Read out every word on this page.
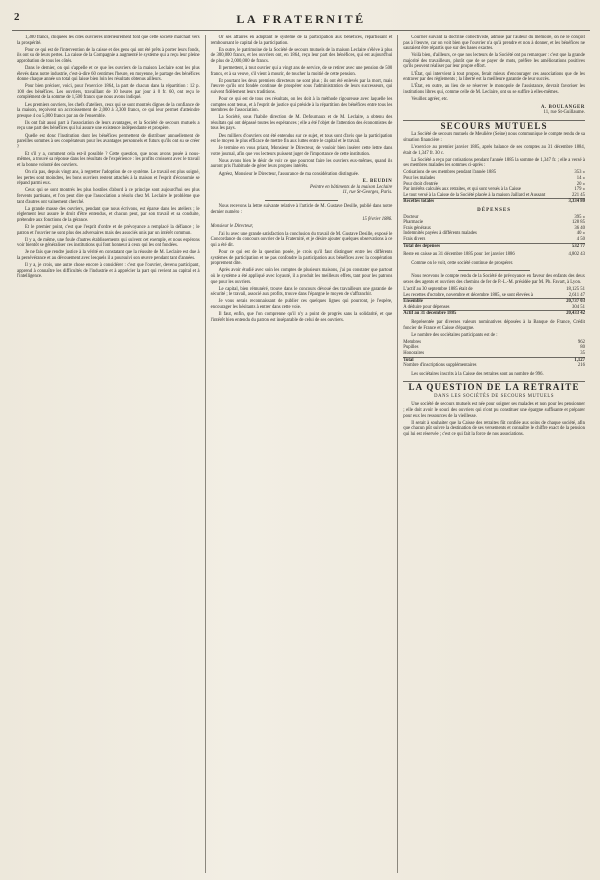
2	LA FRATERNITÉ

1,300 francs, chiquées les cités ouvrières intérieurement font que cette société marchait vers la prospérité.

Pour ce qui est de l'intervention de la caisse et des gens qui ont été prêts à porter leurs fonds, ils ont su de leurs pertes. La caisse de la Compagnie a augmenté le système qui a reçu leur pleine approbation de tous les côtés.

Dans le dernier, on qui s'appelle et ce que les ouvriers de la maison Leclaire sont les plus élevés dans notre industrie, c'est-à-dire 60 centimes l'heure, en moyenne, le partage des bénéfices donne chaque année un total qui laisse bien loin les résultats obtenus ailleurs.

Pour bien préciser, voici, pour l'exercice 1864, la part de chacun dans la répartition : 12 p. 100 des bénéfices. Les ouvriers, travaillant de 10 heures par jour à 0 fr. 60, ont reçu le complément de la somme de 1,500 francs que nous avons indiqué.

Les premiers ouvriers, les chefs d'ateliers, ceux qui se sont montrés dignes de la confiance de la maison, reçoivent un accroissement de 2,000 à 3,300 francs, ce qui leur permet d'atteindre presque 4 ou 5,000 francs par an de l'ensemble.

Ils ont fait aussi part à l'association de leurs avantages, et la Société de secours mutuels a reçu une part des bénéfices qui lui assure une existence indépendante et prospère.

Quelle est donc l'institution dont les bénéfices permettent de distribuer annuellement de pareilles sommes à ses coopérateurs pour les avantages personnels et futurs qu'ils ont su se créer ?

Et s'il y a, comment cela est-il possible ? Cette question, que nous avons posée à nous-mêmes, a trouvé sa réponse dans les résultats de l'expérience : les profits croissent avec le travail et la bonne volonté des ouvriers.

On n'a pas, depuis vingt ans, à regretter l'adoption de ce système. Le travail est plus soigné, les pertes sont moindres, les bons ouvriers restent attachés à la maison et l'esprit d'économie se répand parmi eux.

Ceux qui se sont montrés les plus hostiles d'abord à ce principe sont aujourd'hui ses plus fervents partisans, et l'on peut dire que l'association a résolu chez M. Leclaire le problème que tant d'autres ont vainement cherché.

La grande masse des ouvriers, pendant que nous écrivons, est éparse dans les ateliers ; le règlement leur assure le droit d'être entendus, et chacun peut, par son travail et sa conduite, prétendre aux fonctions de la gérance.

Et le premier point, c'est que l'esprit d'ordre et de prévoyance a remplacé la défiance ; le patron et l'ouvrier ne sont plus des adversaires mais des associés unis par un intérêt commun.

Il y a, de même, une foule d'autres établissements qui suivent cet exemple, et nous espérons voir bientôt se généraliser ces institutions qui font honneur à ceux qui les ont fondées.

Je ne fais que rendre justice à la vérité en constatant que la réussite de M. Leclaire est due à la persévérance et au dévouement avec lesquels il a poursuivi son œuvre pendant tant d'années.

Il y a, je crois, une autre chose encore à considérer : c'est que l'ouvrier, devenu participant, apprend à connaître les difficultés de l'industrie et à apprécier la part qui revient au capital et à l'intelligence.

Or ses affaires en adoptant le système de la participation aux bénéfices, répartissant et remboursant le capital de la participation.

En outre, le patrimoine de la Société de secours mutuels de la maison Leclaire s'élève à plus de 300,000 francs, et les ouvriers ont, en 1864, reçu leur part des bénéfices, qui est aujourd'hui de plus de 2,000,000 de francs.

Il permettent, à tout ouvrier qui a vingt ans de service, de se retirer avec une pension de 500 francs, et à sa veuve, s'il vient à mourir, de toucher la moitié de cette pension.

Et pourtant les deux premiers directeurs ne sont plus ; ils ont été enlevés par la mort, mais l'œuvre qu'ils ont fondée continue de prospérer sous l'administration de leurs successeurs, qui suivent fidèlement leurs traditions.

Pour ce qui est de tous ces résultats, on les doit à la méthode rigoureuse avec laquelle les comptes sont tenus, et à l'esprit de justice qui préside à la répartition des bénéfices entre tous les membres de l'association.

La Société, sous l'habile direction de M. Defournaux et de M. Leclaire, a obtenu des résultats qui ont dépassé toutes les espérances ; elle a été l'objet de l'attention des économistes de tous les pays.

Des milliers d'ouvriers ont été entendus sur ce sujet, et tous sont d'avis que la participation est le moyen le plus efficace de mettre fin aux luttes entre le capital et le travail.

Je termine en vous priant, Monsieur le Directeur, de vouloir bien insérer cette lettre dans votre journal, afin que vos lecteurs puissent juger de l'importance de cette institution.

Nous avons bien le désir de voir ce que pourront faire les ouvriers eux-mêmes, quand ils auront pris l'habitude de gérer leurs propres intérêts.

Agréez, Monsieur le Directeur, l'assurance de ma considération distinguée.

E. BEUDIN
Peintre en bâtiments de la maison Leclaire
11, rue St-Georges, Paris.

Nous recevons la lettre suivante relative à l'article de M. Gustave Desille, publié dans notre dernier numéro :

15 février 1886.

Monsieur le Directeur,

J'ai lu avec une grande satisfaction la conclusion du travail de M. Gustave Desille, exposé le Concordance du concours ouvrier de la Fraternité, et je désire ajouter quelques observations à ce qui a été dit.

Pour ce qui est de la question posée, je crois qu'il faut distinguer entre les différents systèmes de participation et ne pas confondre la participation aux bénéfices avec la coopération proprement dite.

Après avoir étudié avec soin les comptes de plusieurs maisons, j'ai pu constater que partout où le système a été appliqué avec loyauté, il a produit les meilleurs effets, tant pour les patrons que pour les ouvriers.

Le capital, bien rémunéré, trouve dans le concours dévoué des travailleurs une garantie de sécurité ; le travail, associé aux profits, trouve dans l'épargne le moyen de s'affranchir.

Je vous serais reconnaissant de publier ces quelques lignes qui pourront, je l'espère, encourager les hésitants à entrer dans cette voie.

Il faut, enfin, que l'on comprenne qu'il n'y a point de progrès sans la solidarité, et que l'intérêt bien entendu du patron est inséparable de celui de ses ouvriers.

Courrier suivant la doctrine collectiviste, admise par l'auteur du mémoire, on ne le conçoit pas à l'œuvre, car on voit bien que l'ouvrier n'a qu'à prendre et non à donner, et les bénéfices ne sauraient être répartis que sur des bases exactes.

Voilà bien, d'ailleurs, ce que nos lecteurs de la Société ont pu remarquer : c'est que la grande majorité des travailleurs, plutôt que de se payer de mots, préfère les améliorations positives qu'ils peuvent réaliser par leur propre effort.

L'État, qui intervient à tout propos, ferait mieux d'encourager ces associations que de les entraver par des règlements ; la liberté est la meilleure garantie de leur succès.

L'État, en outre, au lieu de se réserver le monopole de l'assistance, devrait favoriser les institutions libres qui, comme celle de M. Leclaire, ont su se suffire à elles-mêmes.

Veuillez agréer, etc.

A. BOULANGER
11, rue St-Guillaume.
SECOURS MUTUELS

La Société de secours mutuels de Meulière (Seine) nous communique le compte rendu de sa situation financière :

L'exercice au premier janvier 1885, après balance de ses comptes au 31 décembre 1884, était de 1,347 fr. 30 c.

La Société a reçu par cotisations pendant l'année 1885 la somme de 1,347 fr. ; elle a versé à ses membres malades les sommes ci-après :

Cotisations de ses membres pendant l'année 1885	353 »
Pour les malades	14 »
Pour droit d'entrée	20 »
Par intérêts calculés aux retraites, et qui sont versés à la Caisse	179 »
Le tout versé à la Caisse de la Société placée à la maison Jaillard et Aussant	221 45
Recettes totales	3,334 80
DÉPENSES
Docteur	395 »
Pharmacie	128 85
Frais généraux	36 40
Indemnités payées à différents malades	40 »
Frais divers	4 50
Total des dépenses	532 77
Reste en caisse au 31 décembre 1885 pour 1er janvier 1886	4,802 43

Comme on le voit, cette société continue de prospérer.

Nous recevons le compte rendu de la Société de prévoyance en faveur des enfants des deux sexes des agents et ouvriers des chemins de fer de P.-L.-M. présidée par M. Ph. Favart, à Lyon.

L'actif au 30 septembre 1885 était de	18,125 51
Les recettes d'octobre, novembre et décembre 1885, se sont élevées à	2,611 47
Ensemble	20,737 03
A déduire pour dépenses	304 51
Actif au 31 décembre 1885	20,433 42

Représentée par diverses valeurs nominatives déposées à la Banque de France, Crédit foncier de France et Caisse d'épargne.

Le nombre des sociétaires participants est de :

Membres	962
Pupilles	80
Honoraires	35
Total	1,127
Nombre d'inscriptions supplémentaires	216

Les sociétaires inscrits à la Caisse des retraites sont au nombre de 996.

LA QUESTION DE LA RETRAITE
DANS LES SOCIÉTÉS DE SECOURS MUTUELS

Une société de secours mutuels est née pour soigner ses malades et non pour les pensionner ; elle doit avoir le souci des ouvriers qui n'ont pu constituer une épargne suffisante et préparer pour eux les ressources de la vieillesse.

Il serait à souhaiter que la Caisse des retraites fût confiée aux soins de chaque société, afin que chacun pût suivre la destination de ses versements et connaître le chiffre exact de la pension qui lui est réservée ; c'est ce qui fait la force de nos associations.
